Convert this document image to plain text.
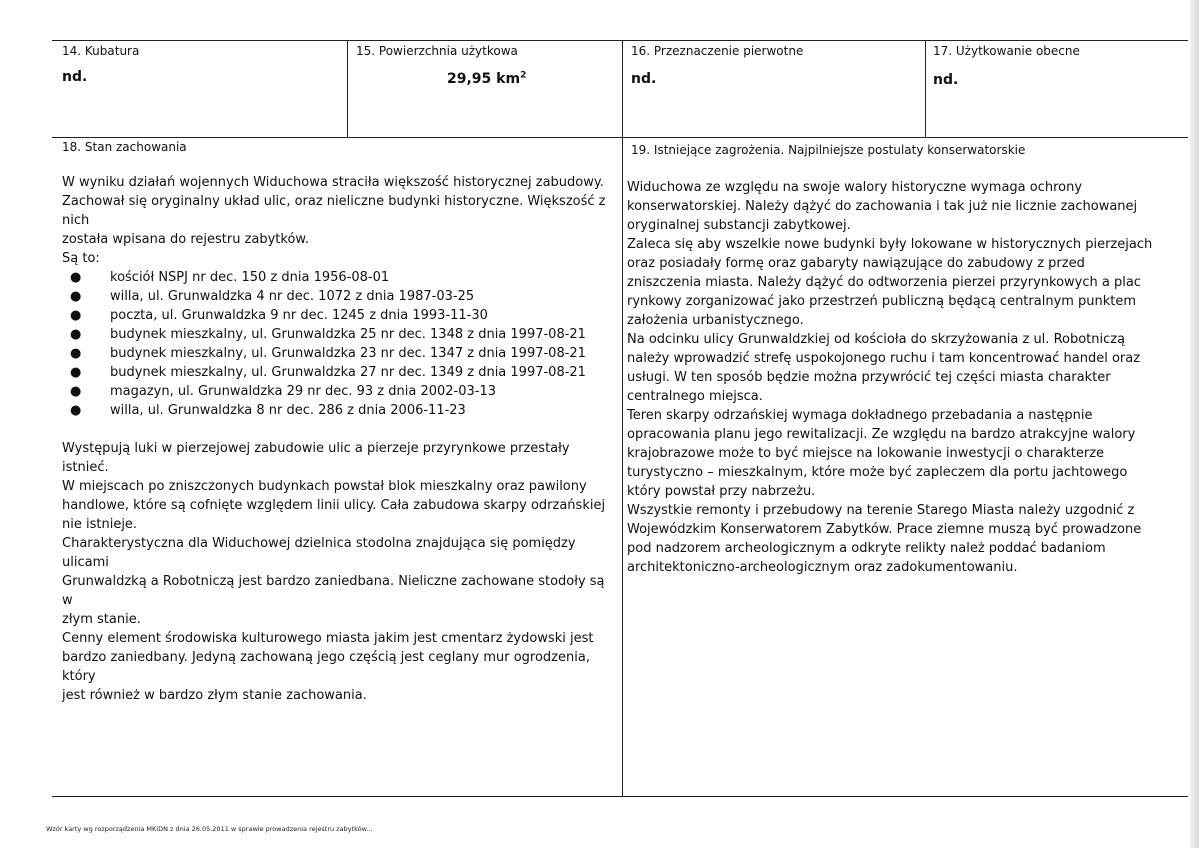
14. Kubatura
nd.
15. Powierzchnia użytkowa
29,95 $km^2$
16. Przeznaczenie pierwotne
nd.
17. Użytkowanie obecne
nd.
18. Stan zachowania

W wyniku działań wojennych Widuchowa straciła większość historycznej zabudowy.

Zachował się oryginalny układ ulic, oraz nieliczne budynki historyczne. Większość z nich

została wpisana do rejestru zabytków.

Są to:

● kościół NSPJ nr dec. 150 z dnia 1956-08-01
● willa, ul. Grunwaldzka 4 nr dec. 1072 z dnia 1987-03-25
● poczta, ul. Grunwaldzka 9 nr dec. 1245 z dnia 1993-11-30
● budynek mieszkalny, ul. Grunwaldzka 25 nr dec. 1348 z dnia 1997-08-21
● budynek mieszkalny, ul. Grunwaldzka 23 nr dec. 1347 z dnia 1997-08-21
● budynek mieszkalny, ul. Grunwaldzka 27 nr dec. 1349 z dnia 1997-08-21
● magazyn, ul. Grunwaldzka 29 nr dec. 93 z dnia 2002-03-13
● willa, ul. Grunwaldzka 8 nr dec. 286 z dnia 2006-11-23

Występują luki w pierzejowej zabudowie ulic a pierzeje przyrynkowe przestały istnieć.

W miejscach po zniszczonych budynkach powstał blok mieszkalny oraz pawilony

handlowe, które są cofnięte względem linii ulicy. Cała zabudowa skarpy odrzańskiej

nie istnieje.

Charakterystyczna dla Widuchowej dzielnica stodolna znajdująca się pomiędzy ulicami

Grunwaldzką a Robotniczą jest bardzo zaniedbana. Nieliczne zachowane stodoły są w

złym stanie.

Cenny element środowiska kulturowego miasta jakim jest cmentarz żydowski jest

bardzo zaniedbany. Jedyną zachowaną jego częścią jest ceglany mur ogrodzenia, który

jest również w bardzo złym stanie zachowania.

19. Istniejące zagrożenia. Najpilniejsze postulaty konserwatorskie

Widuchowa ze względu na swoje walory historyczne wymaga ochrony

konserwatorskiej. Należy dążyć do zachowania i tak już nie licznie zachowanej

oryginalnej substancji zabytkowej.

Zaleca się aby wszelkie nowe budynki były lokowane w historycznych pierzejach

oraz posiadały formę oraz gabaryty nawiązujące do zabudowy z przed

zniszczenia miasta. Należy dążyć do odtworzenia pierzei przyrynkowych a plac

rynkowy zorganizować jako przestrzeń publiczną będącą centralnym punktem

założenia urbanistycznego.

Na odcinku ulicy Grunwaldzkiej od kościoła do skrzyżowania z ul. Robotniczą

należy wprowadzić strefę uspokojonego ruchu i tam koncentrować handel oraz

usługi. W ten sposób będzie można przywrócić tej części miasta charakter

centralnego miejsca.

Teren skarpy odrzańskiej wymaga dokładnego przebadania a następnie

opracowania planu jego rewitalizacji. Ze względu na bardzo atrakcyjne walory

krajobrazowe może to być miejsce na lokowanie inwestycji o charakterze

turystyczno – mieszkalnym, które może być zapleczem dla portu jachtowego

który powstał przy nabrzeżu.

Wszystkie remonty i przebudowy na terenie Starego Miasta należy uzgodnić z

Wojewódzkim Konserwatorem Zabytków. Prace ziemne muszą być prowadzone

pod nadzorem archeologicznym a odkryte relikty należ poddać badaniom

architektoniczno-archeologicznym oraz zadokumentowaniu.

Wzór karty wg rozporządzenia MKiDN z dnia 26.05.2011 w sprawie prowadzenia rejestru zabytków...
